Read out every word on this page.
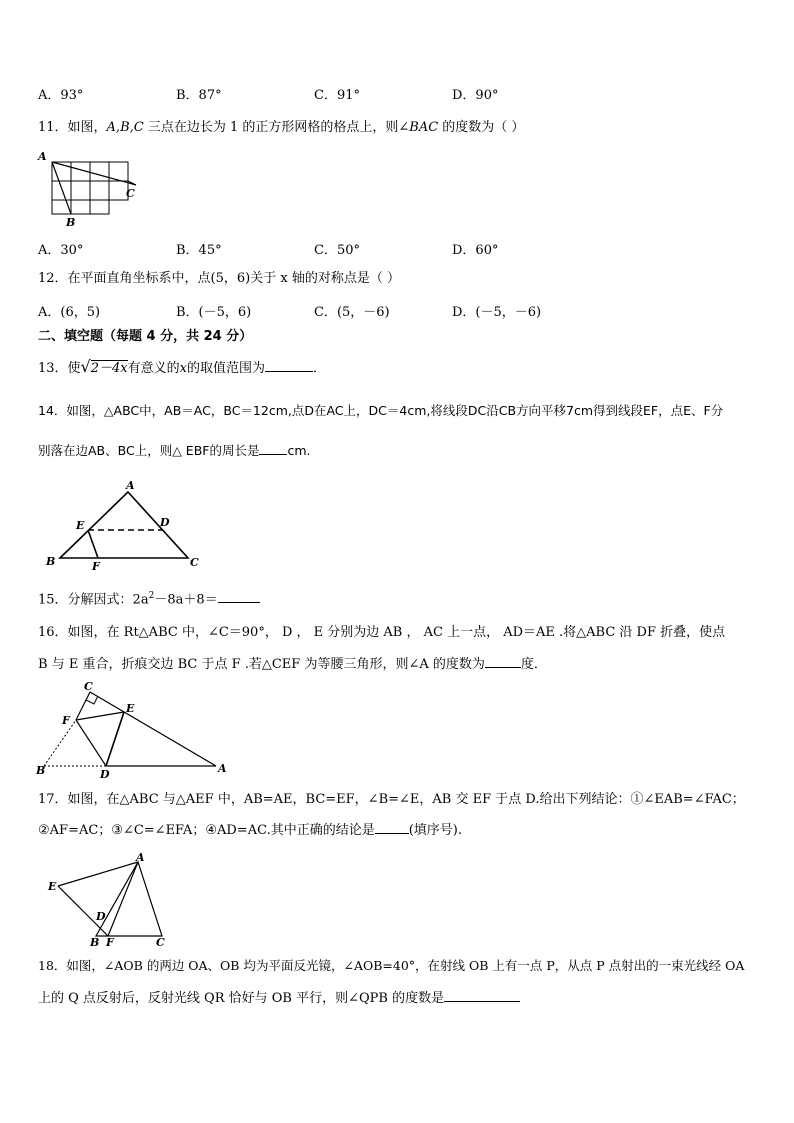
A．93°	B．87°	C．91°	D．90°
11．如图，A,B,C 三点在边长为 1 的正方形网格的格点上，则∠BAC 的度数为（ ）
A
B
C
A．30°	B．45°	C．50°	D．60°
12．在平面直角坐标系中，点(5，6)关于 x 轴的对称点是（ ）
A．(6，5)	B．(－5，6)	C．(5，－6)	D．(－5，－6)
二、填空题（每题 4 分，共 24 分）
13．使√2－4x有意义的x的取值范围为	．
14．如图，△ABC中，AB＝AC，BC＝12cm,点D在AC上，DC＝4cm,将线段DC沿CB方向平移7cm得到线段EF，点E、F分
别落在边AB、BC上，则△ EBF的周长是 cm.
A
E	D
B	F	C
15．分解因式：$2a^2-8a+8=$
16．如图，在 Rt△ABC 中，∠C＝90°， D ， E 分别为边 AB ， AC 上一点， AD＝AE .将△ABC 沿 DF 折叠，使点
B 与 E 重合，折痕交边 BC 于点 F .若△CEF 为等腰三角形，则∠A 的度数为	度．
C
E
F
B	D	A
17．如图，在△ABC 与△AEF 中，AB=AE，BC=EF，∠B=∠E，AB 交 EF 于点 D.给出下列结论：①∠EAB=∠FAC；
②AF=AC；③∠C=∠EFA；④AD=AC.其中正确的结论是	(填序号).
A
E
D
B F	C
18．如图，∠AOB 的两边 OA、OB 均为平面反光镜，∠AOB=40°，在射线 OB 上有一点 P，从点 P 点射出的一束光线经 OA
上的 Q 点反射后，反射光线 QR 恰好与 OB 平行，则∠QPB 的度数是
